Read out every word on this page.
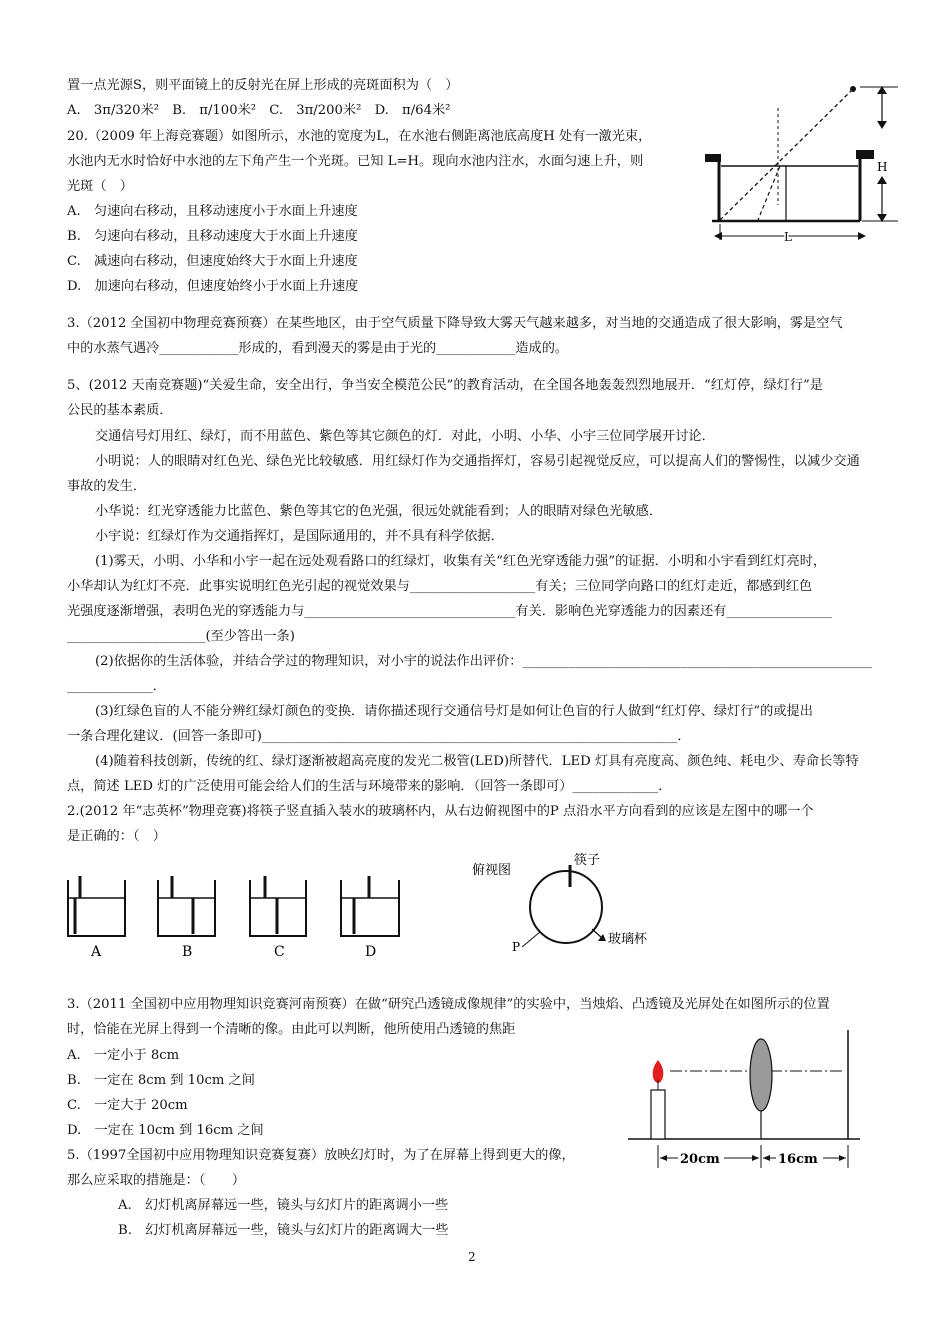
置一点光源S，则平面镜上的反射光在屏上形成的亮斑面积为（　）
A.　3π/320米²　B.　π/100米²　C.　3π/200米²　D.　π/64米²
20.（2009 年上海竞赛题）如图所示，水池的宽度为L，在水池右侧距离池底高度H 处有一激光束，
水池内无水时恰好中水池的左下角产生一个光斑。已知 L=H。现向水池内注水，水面匀速上升，则
光斑（　）
A.　匀速向右移动，且移动速度小于水面上升速度
B.　匀速向右移动，且移动速度大于水面上升速度
C.　减速向右移动，但速度始终大于水面上升速度
D.　加速向右移动，但速度始终小于水面上升速度
3.（2012 全国初中物理竞赛预赛）在某些地区，由于空气质量下降导致大雾天气越来越多，对当地的交通造成了很大影响，雾是空气
中的水蒸气遇冷____________形成的，看到漫天的雾是由于光的____________造成的。
5、(2012 天南竞赛题)“关爱生命，安全出行，争当安全模范公民”的教育活动，在全国各地轰轰烈烈地展开．“红灯停，绿灯行”是
公民的基本素质．
交通信号灯用红、绿灯，而不用蓝色、紫色等其它颜色的灯．对此，小明、小华、小宇三位同学展开讨论．
小明说：人的眼睛对红色光、绿色光比较敏感．用红绿灯作为交通指挥灯，容易引起视觉反应，可以提高人们的警惕性，以减少交通
事故的发生．
小华说：红光穿透能力比蓝色、紫色等其它的色光强，很远处就能看到；人的眼睛对绿色光敏感．
小宇说：红绿灯作为交通指挥灯，是国际通用的，并不具有科学依据．
(1)雾天，小明、小华和小宇一起在远处观看路口的红绿灯，收集有关“红色光穿透能力强”的证据．小明和小宇看到红灯亮时，
小华却认为红灯不亮．此事实说明红色光引起的视觉效果与___________________有关；三位同学向路口的红灯走近，都感到红色
光强度逐渐增强，表明色光的穿透能力与________________________________有关．影响色光穿透能力的因素还有________________
_____________________(至少答出一条)
(2)依据你的生活体验，并结合学过的物理知识，对小宇的说法作出评价：_____________________________________________________
_____________．
(3)红绿色盲的人不能分辨红绿灯颜色的变换．请你描述现行交通信号灯是如何让色盲的行人做到“红灯停、绿灯行”的或提出
一条合理化建议．(回答一条即可)_______________________________________________________________．
(4)随着科技创新，传统的红、绿灯逐渐被超高亮度的发光二极管(LED)所替代．LED 灯具有亮度高、颜色纯、耗电少、寿命长等特
点，简述 LED 灯的广泛使用可能会给人们的生活与环境带来的影响．（回答一条即可）_____________．
2.(2012 年“志英杯”物理竞赛)将筷子竖直插入装水的玻璃杯内，从右边俯视图中的P 点沿水平方向看到的应该是左图中的哪一个
是正确的：（　）
3.（2011 全国初中应用物理知识竞赛河南预赛）在做“研究凸透镜成像规律”的实验中，当烛焰、凸透镜及光屏处在如图所示的位置
时，恰能在光屏上得到一个清晰的像。由此可以判断，他所使用凸透镜的焦距
A.　一定小于 8cm
B.　一定在 8cm 到 10cm 之间
C.　一定大于 20cm
D.　一定在 10cm 到 16cm 之间
5.（1997全国初中应用物理知识竞赛复赛）放映幻灯时，为了在屏幕上得到更大的像，
那么应采取的措施是：（　　）
A.　幻灯机离屏幕远一些，镜头与幻灯片的距离调小一些
B.　幻灯机离屏幕远一些，镜头与幻灯片的距离调大一些
H
L
A	B	C	D
俯视图
筷子
P	玻璃杯
20cm	16cm
2
